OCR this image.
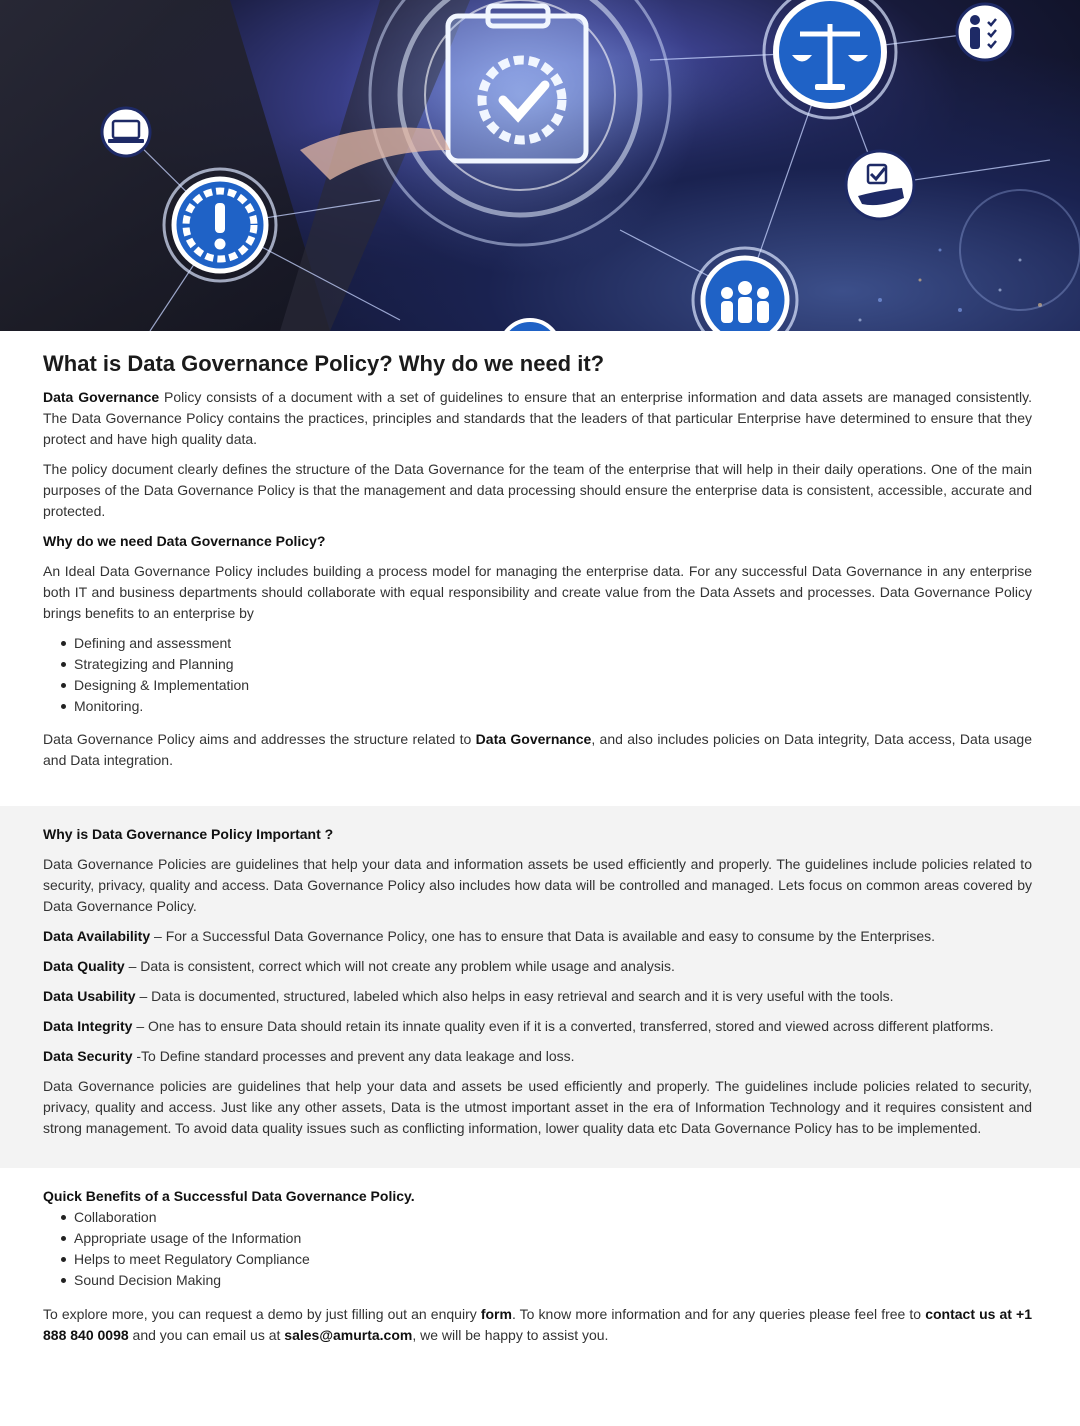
What is Data Governance Policy? Why do we need it?

Data Governance Policy consists of a document with a set of guidelines to ensure that an enterprise information and data assets are managed consistently. The Data Governance Policy contains the practices, principles and standards that the leaders of that particular Enterprise have determined to ensure that they protect and have high quality data.

The policy document clearly defines the structure of the Data Governance for the team of the enterprise that will help in their daily operations. One of the main purposes of the Data Governance Policy is that the management and data processing should ensure the enterprise data is consistent, accessible, accurate and protected.

Why do we need Data Governance Policy?

An Ideal Data Governance Policy includes building a process model for managing the enterprise data. For any successful Data Governance in any enterprise both IT and business departments should collaborate with equal responsibility and create value from the Data Assets and processes. Data Governance Policy brings benefits to an enterprise by

Defining and assessment
Strategizing and Planning
Designing & Implementation
Monitoring.

Data Governance Policy aims and addresses the structure related to Data Governance, and also includes policies on Data integrity, Data access, Data usage and Data integration.

Why is Data Governance Policy Important ?

Data Governance Policies are guidelines that help your data and information assets be used efficiently and properly. The guidelines include policies related to security, privacy, quality and access. Data Governance Policy also includes how data will be controlled and managed. Lets focus on common areas covered by Data Governance Policy.

Data Availability – For a Successful Data Governance Policy, one has to ensure that Data is available and easy to consume by the Enterprises.

Data Quality – Data is consistent, correct which will not create any problem while usage and analysis.

Data Usability – Data is documented, structured, labeled which also helps in easy retrieval and search and it is very useful with the tools.

Data Integrity – One has to ensure Data should retain its innate quality even if it is a converted, transferred, stored and viewed across different platforms.

Data Security -To Define standard processes and prevent any data leakage and loss.

Data Governance policies are guidelines that help your data and assets be used efficiently and properly. The guidelines include policies related to security, privacy, quality and access. Just like any other assets, Data is the utmost important asset in the era of Information Technology and it requires consistent and strong management. To avoid data quality issues such as conflicting information, lower quality data etc Data Governance Policy has to be implemented.

Quick Benefits of a Successful Data Governance Policy.
Collaboration
Appropriate usage of the Information
Helps to meet Regulatory Compliance
Sound Decision Making

To explore more, you can request a demo by just filling out an enquiry form. To know more information and for any queries please feel free to contact us at +1 888 840 0098 and you can email us at sales@amurta.com, we will be happy to assist you.
